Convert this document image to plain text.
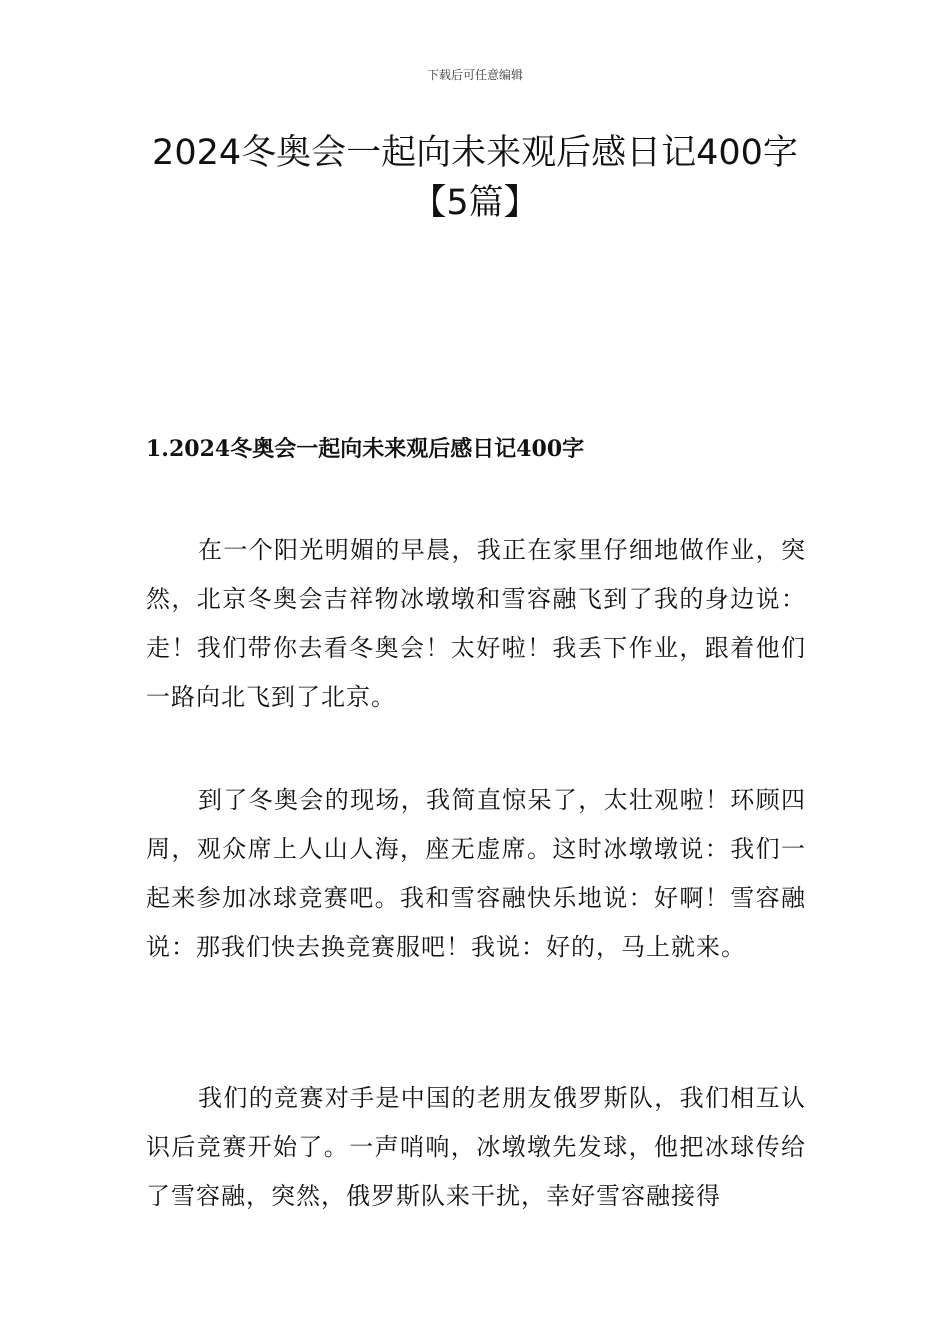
下载后可任意编辑
2024冬奥会一起向未来观后感日记400字
【5篇】
1.2024冬奥会一起向未来观后感日记400字

在一个阳光明媚的早晨，我正在家里仔细地做作业，突然，北京冬奥会吉祥物冰墩墩和雪容融飞到了我的身边说：走！我们带你去看冬奥会！太好啦！我丢下作业，跟着他们一路向北飞到了北京。

到了冬奥会的现场，我简直惊呆了，太壮观啦！环顾四周，观众席上人山人海，座无虚席。这时冰墩墩说：我们一起来参加冰球竞赛吧。我和雪容融快乐地说：好啊！雪容融说：那我们快去换竞赛服吧！我说：好的，马上就来。

我们的竞赛对手是中国的老朋友俄罗斯队，我们相互认识后竞赛开始了。一声哨响，冰墩墩先发球，他把冰球传给了雪容融，突然，俄罗斯队来干扰，幸好雪容融接得
